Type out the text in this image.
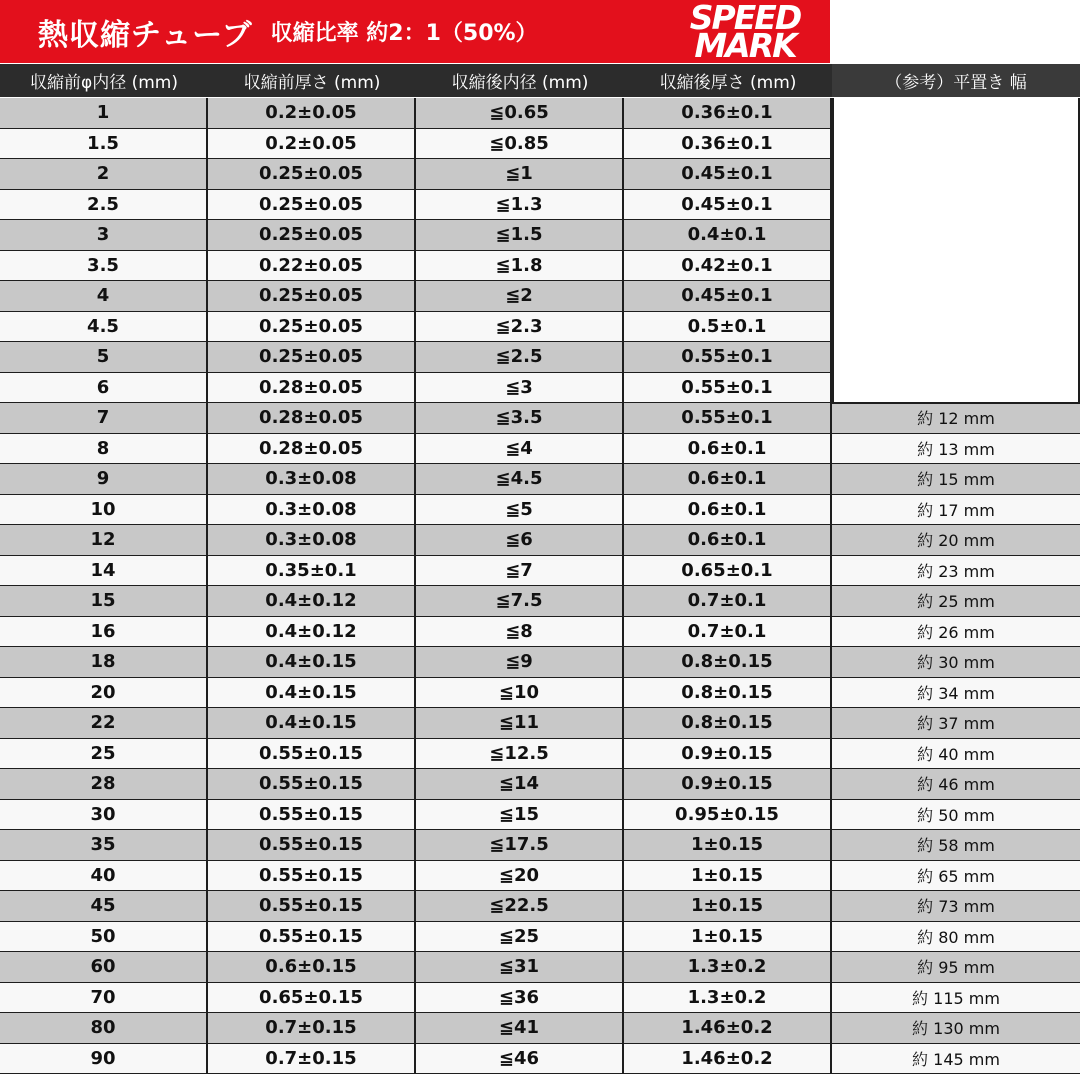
熱収縮チューブ 収縮比率 約2：1（50%）	SPEED
MARK
収縮前φ内径 (mm)	収縮前厚さ (mm)	収縮後内径 (mm)	収縮後厚さ (mm)	（参考）平置き 幅
1	0.2±0.05	≦0.65	0.36±0.1
1.5	0.2±0.05	≦0.85	0.36±0.1
2	0.25±0.05	≦1	0.45±0.1
2.5	0.25±0.05	≦1.3	0.45±0.1
3	0.25±0.05	≦1.5	0.4±0.1
3.5	0.22±0.05	≦1.8	0.42±0.1
4	0.25±0.05	≦2	0.45±0.1
4.5	0.25±0.05	≦2.3	0.5±0.1
5	0.25±0.05	≦2.5	0.55±0.1
6	0.28±0.05	≦3	0.55±0.1
7	0.28±0.05	≦3.5	0.55±0.1	約 12 mm
8	0.28±0.05	≦4	0.6±0.1	約 13 mm
9	0.3±0.08	≦4.5	0.6±0.1	約 15 mm
10	0.3±0.08	≦5	0.6±0.1	約 17 mm
12	0.3±0.08	≦6	0.6±0.1	約 20 mm
14	0.35±0.1	≦7	0.65±0.1	約 23 mm
15	0.4±0.12	≦7.5	0.7±0.1	約 25 mm
16	0.4±0.12	≦8	0.7±0.1	約 26 mm
18	0.4±0.15	≦9	0.8±0.15	約 30 mm
20	0.4±0.15	≦10	0.8±0.15	約 34 mm
22	0.4±0.15	≦11	0.8±0.15	約 37 mm
25	0.55±0.15	≦12.5	0.9±0.15	約 40 mm
28	0.55±0.15	≦14	0.9±0.15	約 46 mm
30	0.55±0.15	≦15	0.95±0.15	約 50 mm
35	0.55±0.15	≦17.5	1±0.15	約 58 mm
40	0.55±0.15	≦20	1±0.15	約 65 mm
45	0.55±0.15	≦22.5	1±0.15	約 73 mm
50	0.55±0.15	≦25	1±0.15	約 80 mm
60	0.6±0.15	≦31	1.3±0.2	約 95 mm
70	0.65±0.15	≦36	1.3±0.2	約 115 mm
80	0.7±0.15	≦41	1.46±0.2	約 130 mm
90	0.7±0.15	≦46	1.46±0.2	約 145 mm
